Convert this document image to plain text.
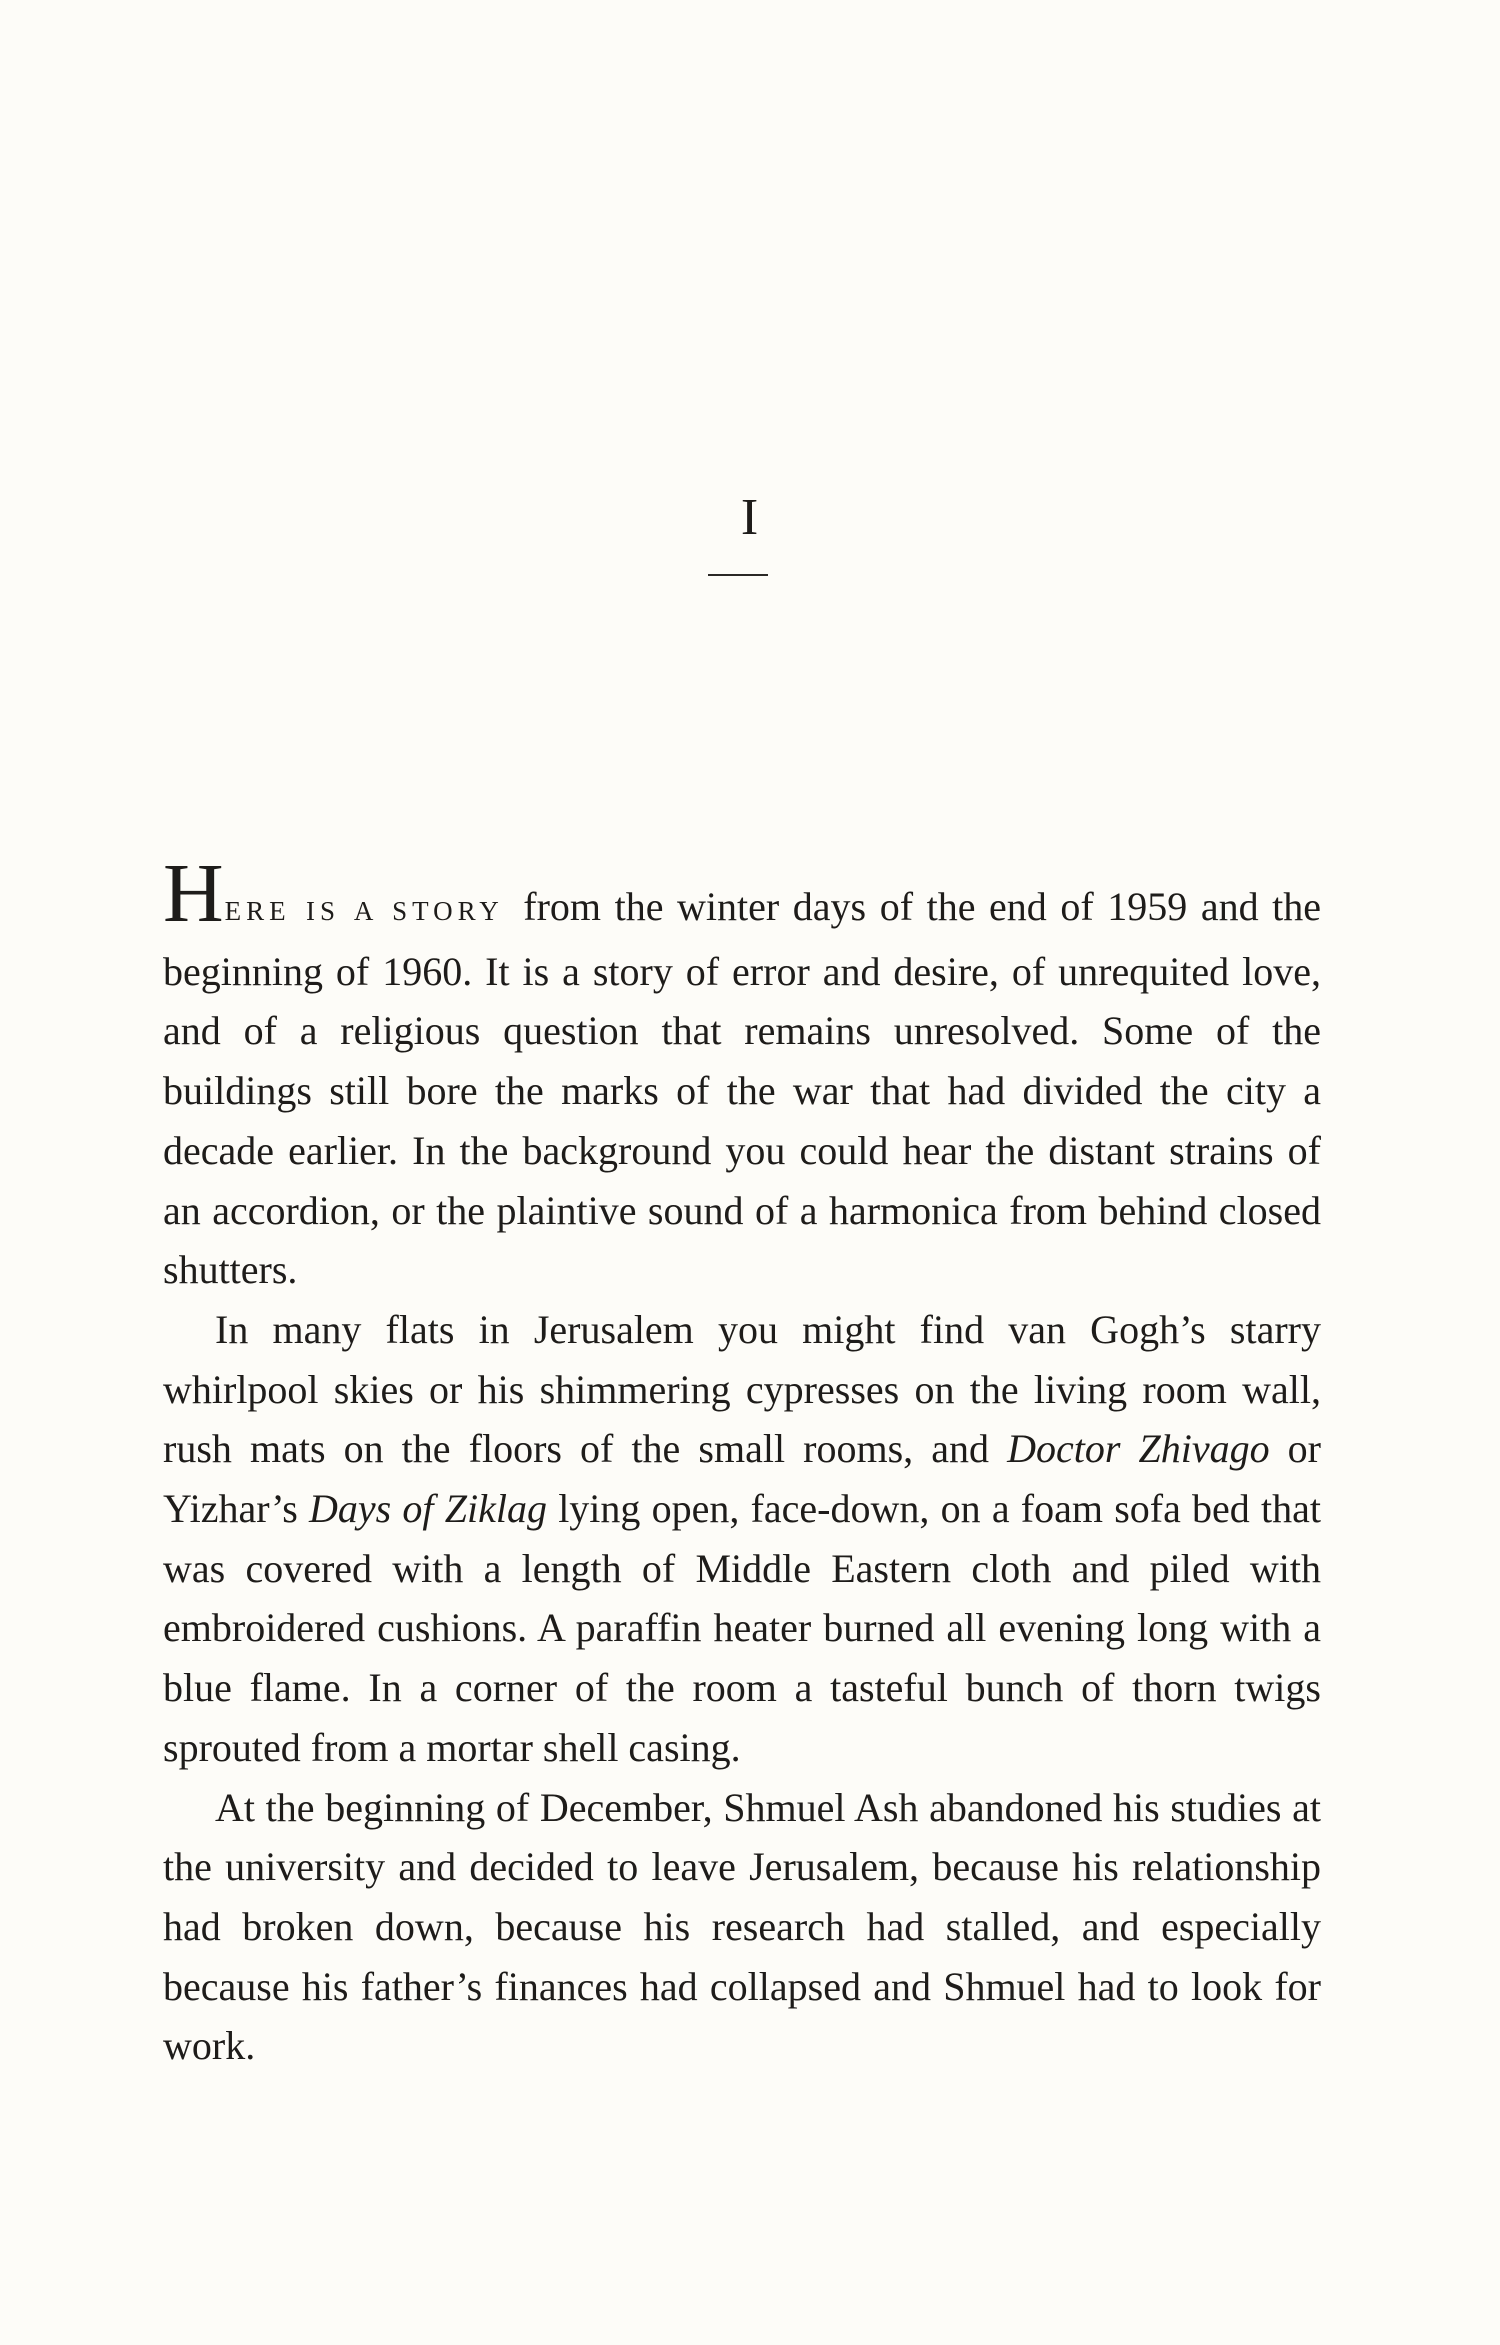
I

HERE IS A STORY from the winter days of the end of 1959 and the beginning of 1960. It is a story of error and desire, of unrequited love, and of a religious question that remains unresolved. Some of the buildings still bore the marks of the war that had divided the city a decade earlier. In the background you could hear the distant strains of an accordion, or the plaintive sound of a harmonica from behind closed shutters.

In many flats in Jerusalem you might find van Gogh’s starry whirlpool skies or his shimmering cypresses on the living room wall, rush mats on the floors of the small rooms, and Doctor Zhivago or Yizhar’s Days of Ziklag lying open, face-down, on a foam sofa bed that was covered with a length of Middle Eastern cloth and piled with embroidered cushions. A paraffin heater burned all evening long with a blue flame. In a corner of the room a tasteful bunch of thorn twigs sprouted from a mortar shell casing.

At the beginning of December, Shmuel Ash abandoned his studies at the university and decided to leave Jerusalem, because his relationship had broken down, because his research had stalled, and especially because his father’s finances had collapsed and Shmuel had to look for work.
